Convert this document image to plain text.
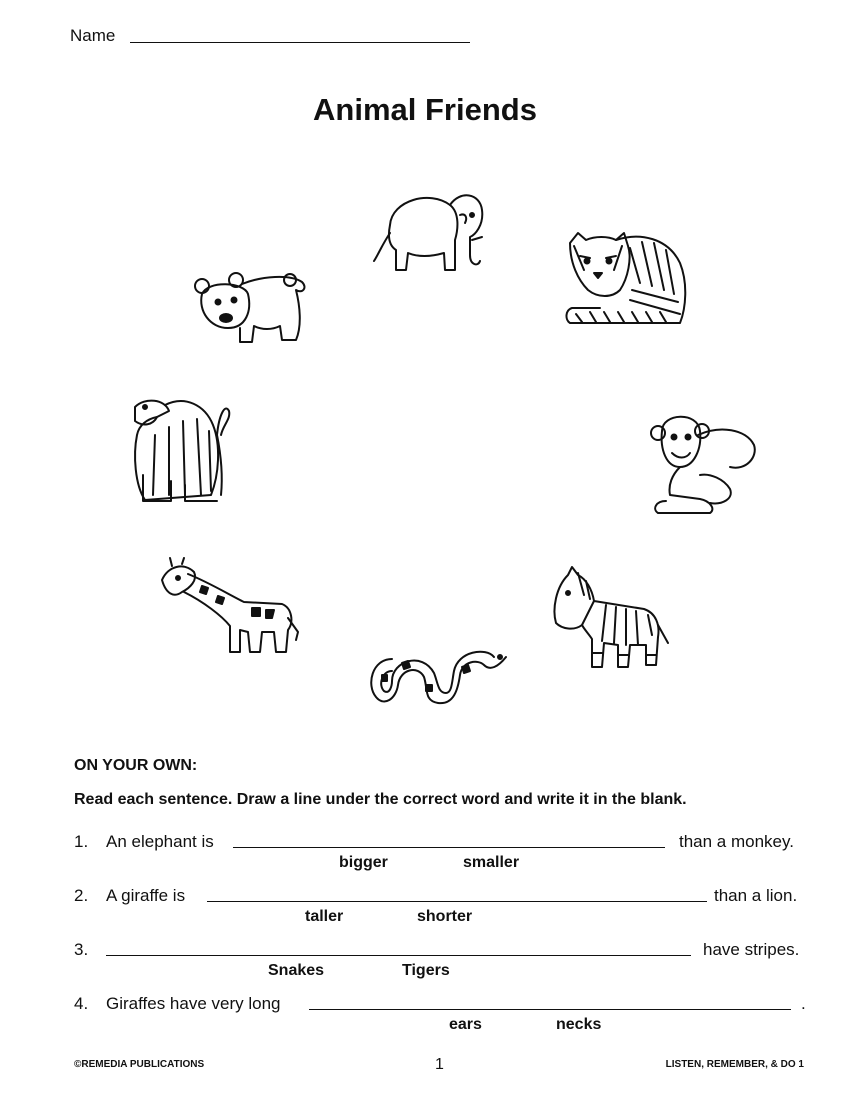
Name
Animal Friends
ON YOUR OWN:
Read each sentence. Draw a line under the correct word and write it in the blank.
1. An elephant is	than a monkey.
bigger	smaller
2. A giraffe is	than a lion.
taller	shorter
3.	have stripes.
Snakes	Tigers
4. Giraffes have very long	.
ears	necks
©REMEDIA PUBLICATIONS	1	LISTEN, REMEMBER, & DO 1
